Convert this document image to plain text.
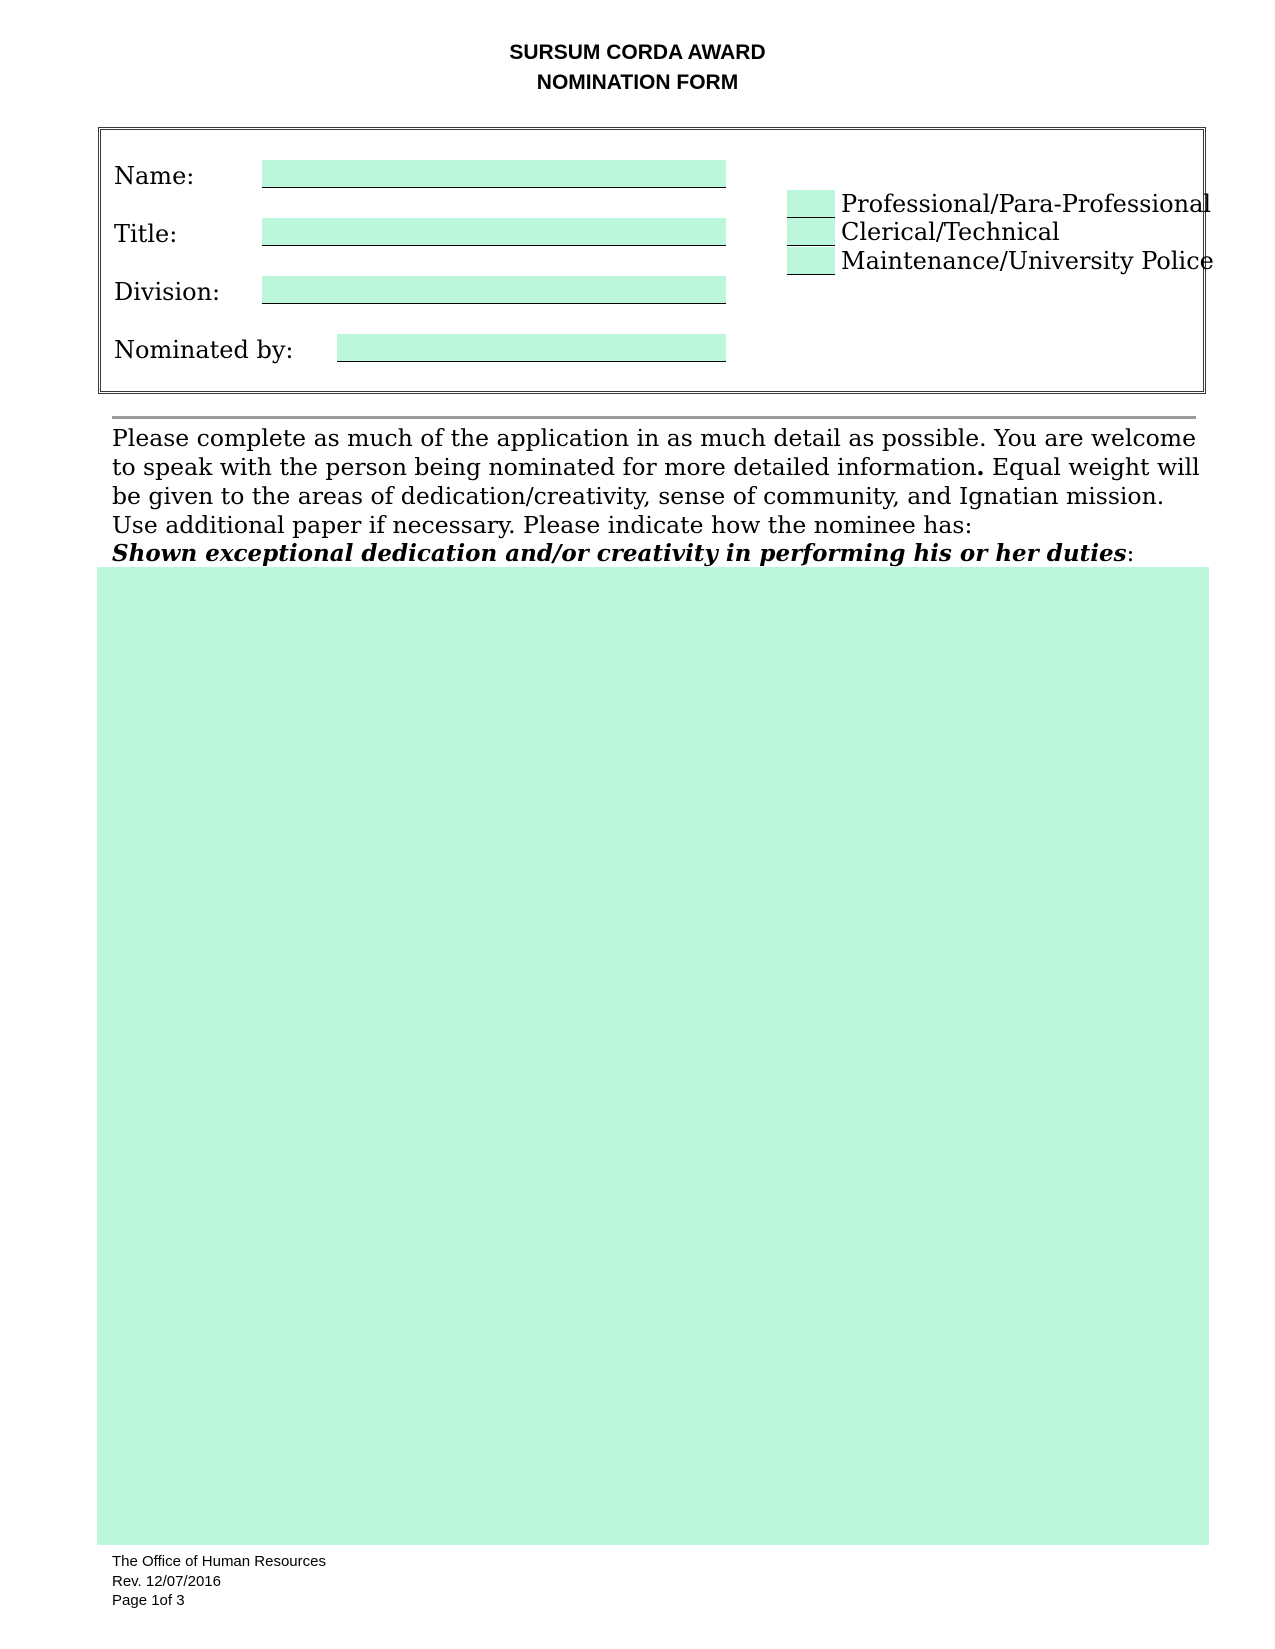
SURSUM CORDA AWARD
NOMINATION FORM
Name:
Title:
Division:
Nominated by:
Professional/Para-Professional
Clerical/Technical
Maintenance/University Police

Please complete as much of the application in as much detail as possible. You are welcome to speak with the person being nominated for more detailed information. Equal weight will be given to the areas of dedication/creativity, sense of community, and Ignatian mission. Use additional paper if necessary. Please indicate how the nominee has:

Shown exceptional dedication and/or creativity in performing his or her duties:
The Office of Human Resources
Rev. 12/07/2016
Page 1of 3
